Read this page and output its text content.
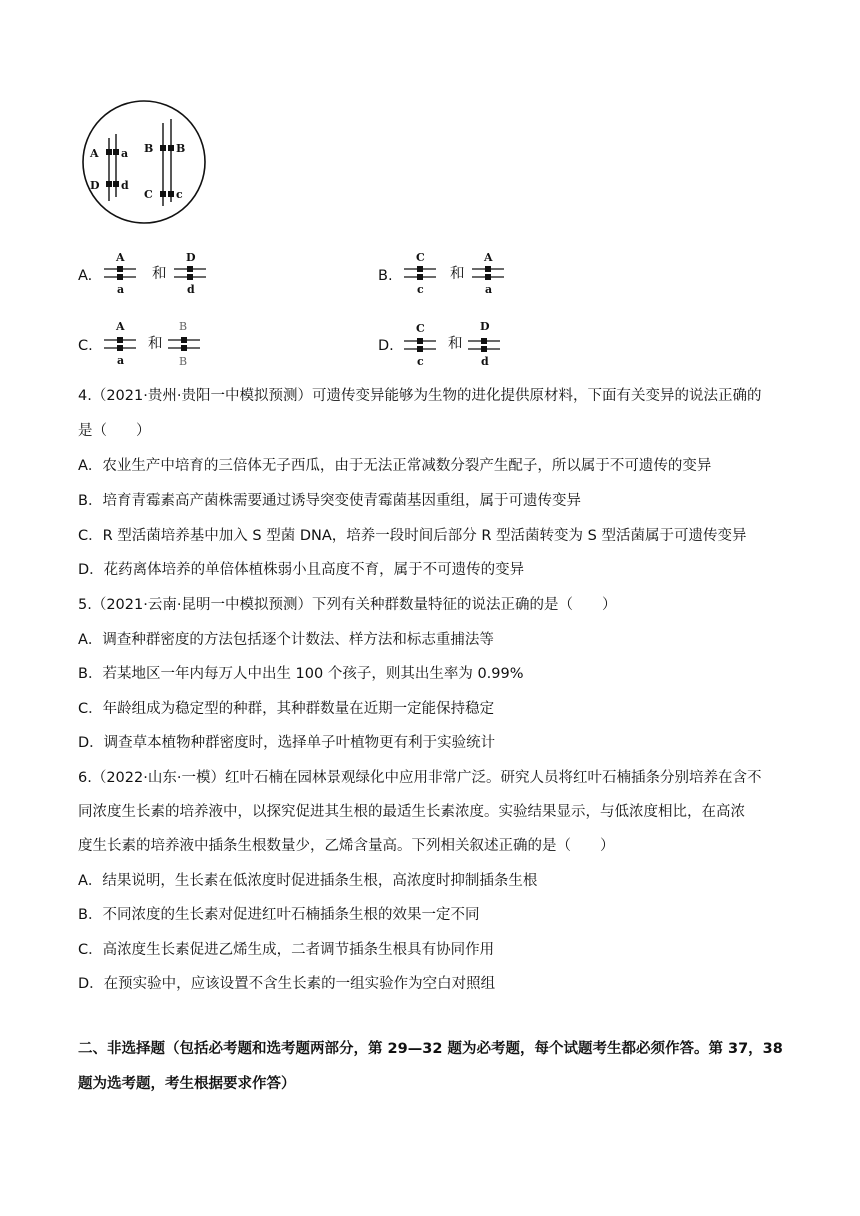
A a B B
D d
C c
A.
A
a
和
D
d
B.
C
c
和
A
a
C.
A
a
和
B
B
D.
C
c
和
D
d
4.（2021·贵州·贵阳一中模拟预测）可遗传变异能够为生物的进化提供原材料，下面有关变异的说法正确的
是（　　）
A．农业生产中培育的三倍体无子西瓜，由于无法正常减数分裂产生配子，所以属于不可遗传的变异
B．培育青霉素高产菌株需要通过诱导突变使青霉菌基因重组，属于可遗传变异
C．R 型活菌培养基中加入 S 型菌 DNA，培养一段时间后部分 R 型活菌转变为 S 型活菌属于可遗传变异
D．花药离体培养的单倍体植株弱小且高度不育，属于不可遗传的变异
5.（2021·云南·昆明一中模拟预测）下列有关种群数量特征的说法正确的是（　　）
A．调查种群密度的方法包括逐个计数法、样方法和标志重捕法等
B．若某地区一年内每万人中出生 100 个孩子，则其出生率为 0.99%
C．年龄组成为稳定型的种群，其种群数量在近期一定能保持稳定
D．调查草本植物种群密度时，选择单子叶植物更有利于实验统计
6.（2022·山东·一模）红叶石楠在园林景观绿化中应用非常广泛。研究人员将红叶石楠插条分别培养在含不
同浓度生长素的培养液中，以探究促进其生根的最适生长素浓度。实验结果显示，与低浓度相比，在高浓
度生长素的培养液中插条生根数量少，乙烯含量高。下列相关叙述正确的是（　　）
A．结果说明，生长素在低浓度时促进插条生根，高浓度时抑制插条生根
B．不同浓度的生长素对促进红叶石楠插条生根的效果一定不同
C．高浓度生长素促进乙烯生成，二者调节插条生根具有协同作用
D．在预实验中，应该设置不含生长素的一组实验作为空白对照组
二、非选择题（包括必考题和选考题两部分，第 29—32 题为必考题，每个试题考生都必须作答。第 37，38
题为选考题，考生根据要求作答）
